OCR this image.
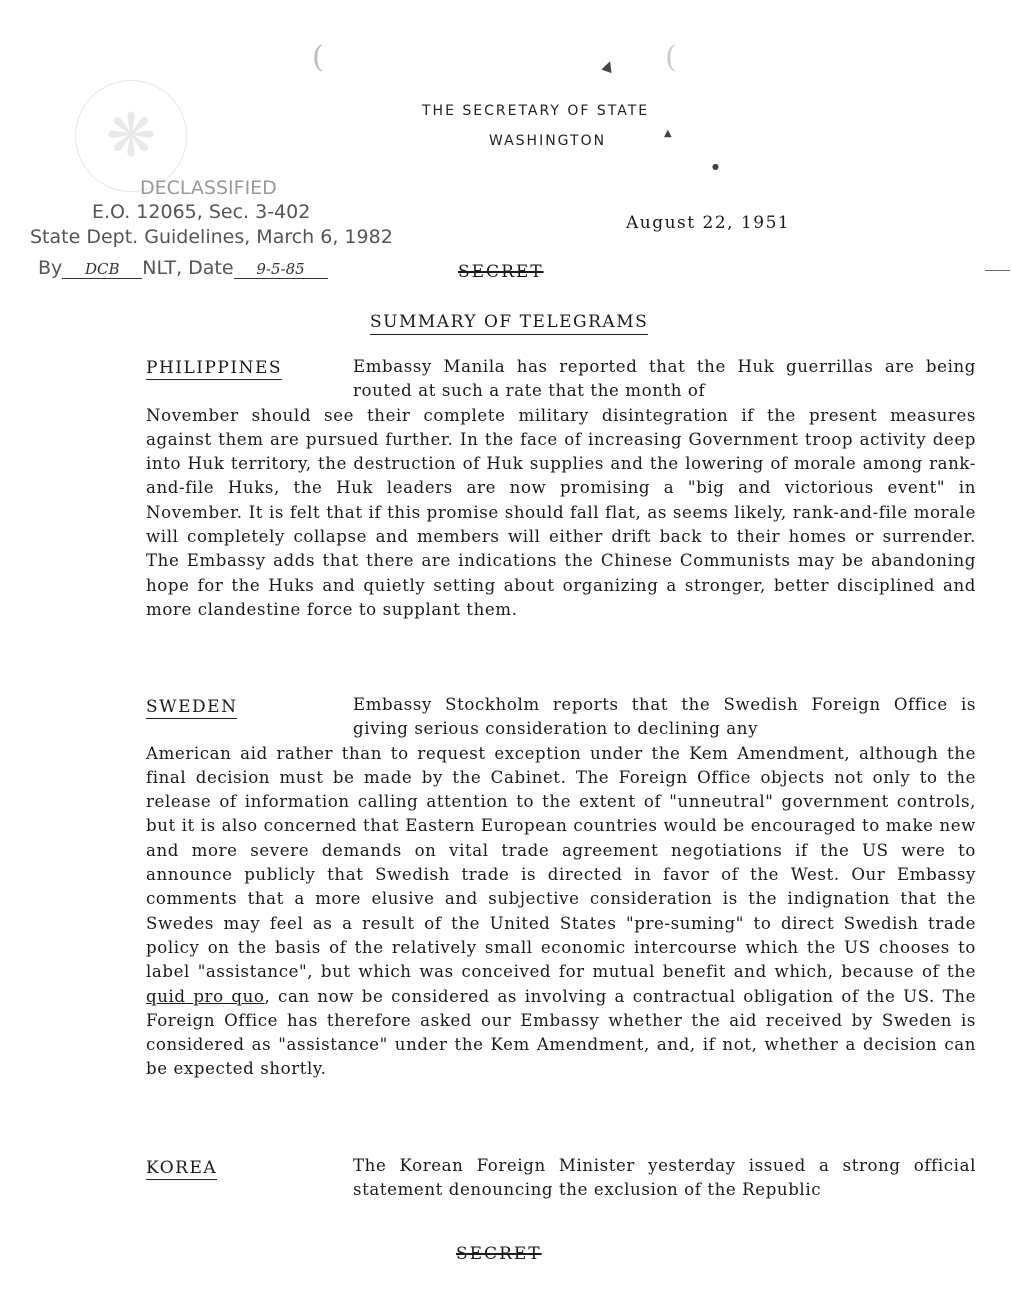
❋
(	(
▲
▲
●
THE SECRETARY OF STATE
WASHINGTON
DECLASSIFIED
E.O. 12065, Sec. 3-402
State Dept. Guidelines, March 6, 1982
By DCB NLT, Date 9-5-85
August 22, 1951
SECRET
SUMMARY OF TELEGRAMS
PHILIPPINES	Embassy Manila has reported that the Huk guerrillas are being routed at such a rate that the month of
November should see their complete military disintegration if the present measures against them are pursued further. In the face of increasing Government troop activity deep into Huk territory, the destruction of Huk supplies and the lowering of morale among rank-and-file Huks, the Huk leaders are now promising a "big and victorious event" in November. It is felt that if this promise should fall flat, as seems likely, rank-and-file morale will completely collapse and members will either drift back to their homes or surrender. The Embassy adds that there are indications the Chinese Communists may be abandoning hope for the Huks and quietly setting about organizing a stronger, better disciplined and more clandestine force to supplant them.

SWEDEN	Embassy Stockholm reports that the Swedish Foreign Office is giving serious consideration to declining any
American aid rather than to request exception under the Kem Amendment, although the final decision must be made by the Cabinet. The Foreign Office objects not only to the release of information calling attention to the extent of "unneutral" government controls, but it is also concerned that Eastern European countries would be encouraged to make new and more severe demands on vital trade agreement negotiations if the US were to announce publicly that Swedish trade is directed in favor of the West. Our Embassy comments that a more elusive and subjective consideration is the indignation that the Swedes may feel as a result of the United States "pre-suming" to direct Swedish trade policy on the basis of the relatively small economic intercourse which the US chooses to label "assistance", but which was conceived for mutual benefit and which, because of the quid pro quo, can now be considered as involving a contractual obligation of the US. The Foreign Office has therefore asked our Embassy whether the aid received by Sweden is considered as "assistance" under the Kem Amendment, and, if not, whether a decision can be expected shortly.

KOREA	The Korean Foreign Minister yesterday issued a strong official statement denouncing the exclusion of the Republic

SECRET
